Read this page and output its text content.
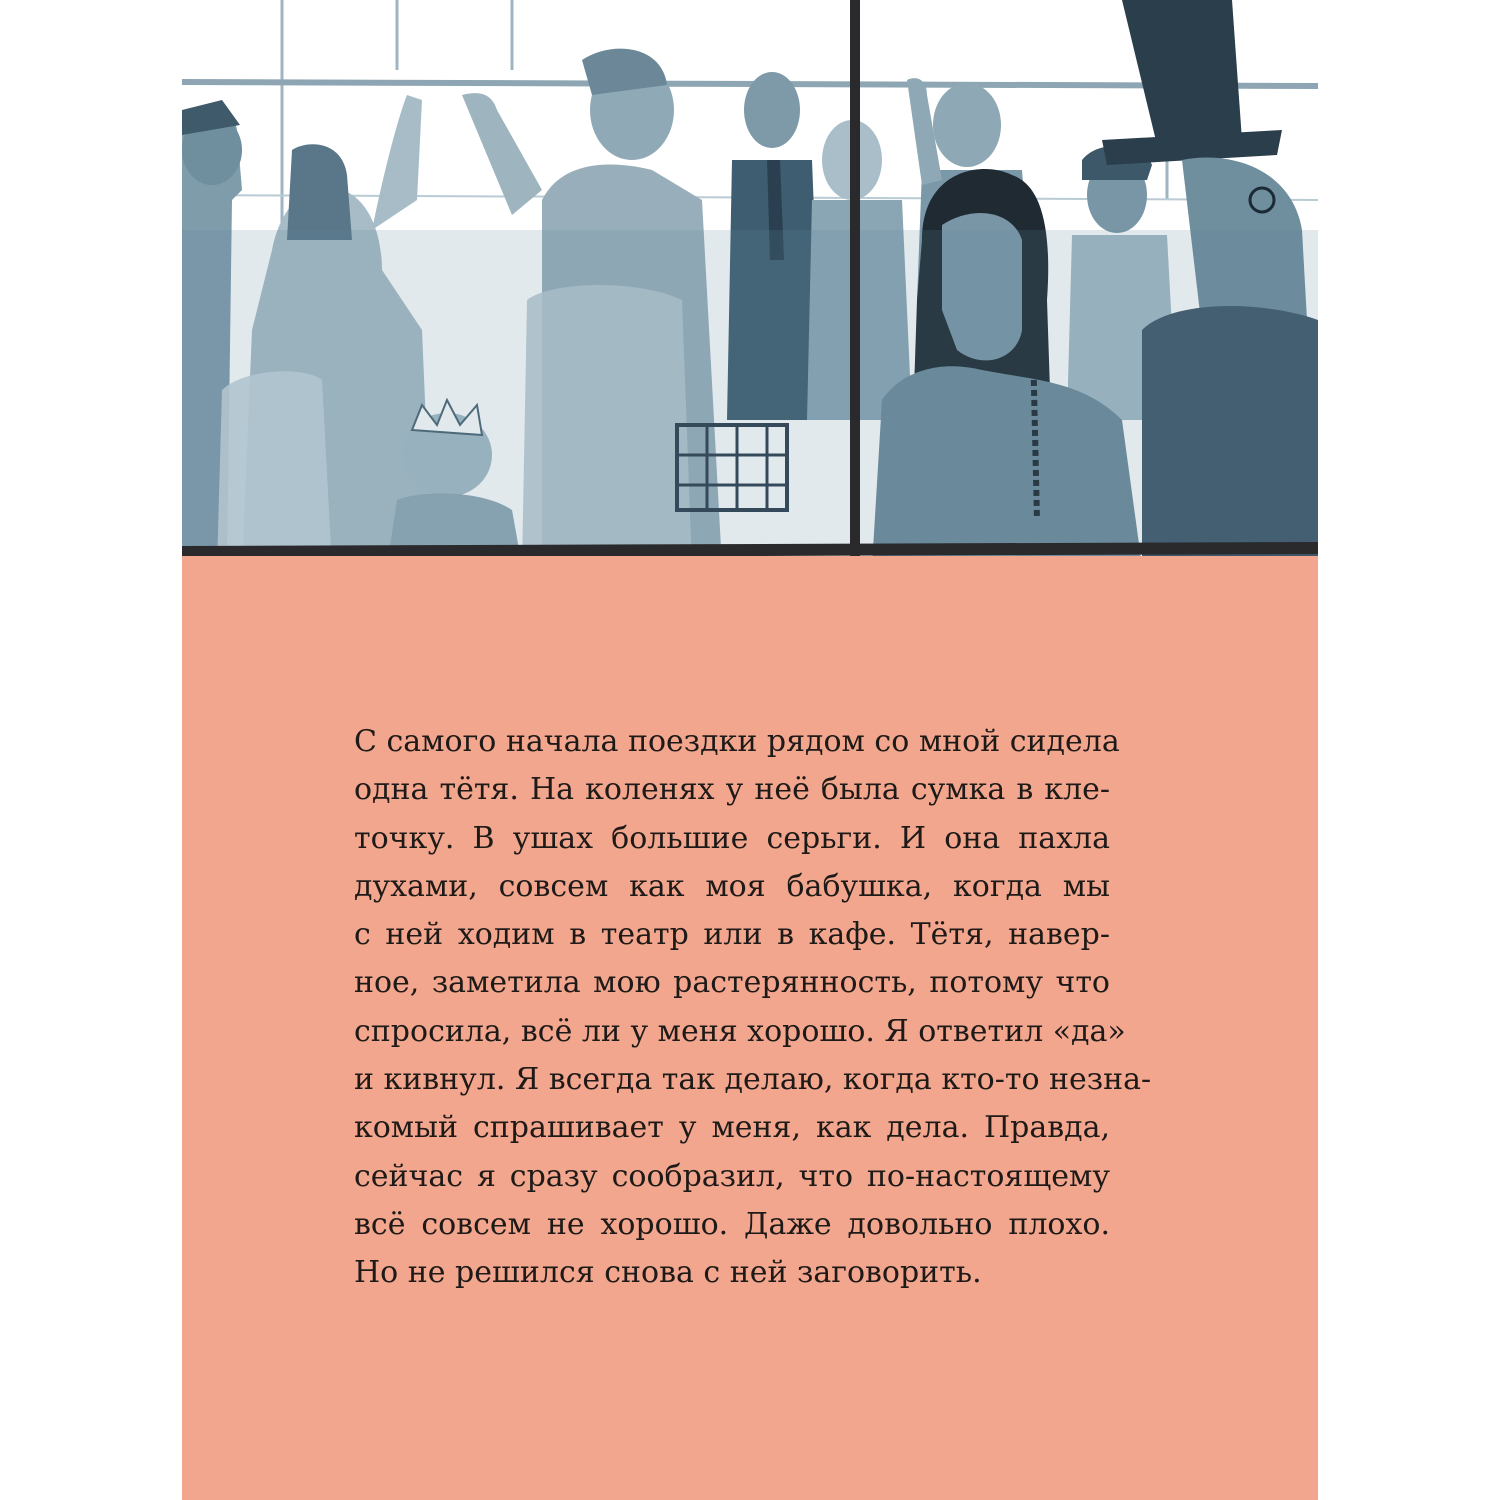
С самого начала поездки рядом со мной сидела
одна тётя. На коленях у неё была сумка в кле-
точку. В ушах большие серьги. И она пахла
духами, совсем как моя бабушка, когда мы
с ней ходим в театр или в кафе. Тётя, навер-
ное, заметила мою растерянность, потому что
спросила, всё ли у меня хорошо. Я ответил «да»
и кивнул. Я всегда так делаю, когда кто-то незна-
комый спрашивает у меня, как дела. Правда,
сейчас я сразу сообразил, что по-настоящему
всё совсем не хорошо. Даже довольно плохо.
Но не решился снова с ней заговорить.
